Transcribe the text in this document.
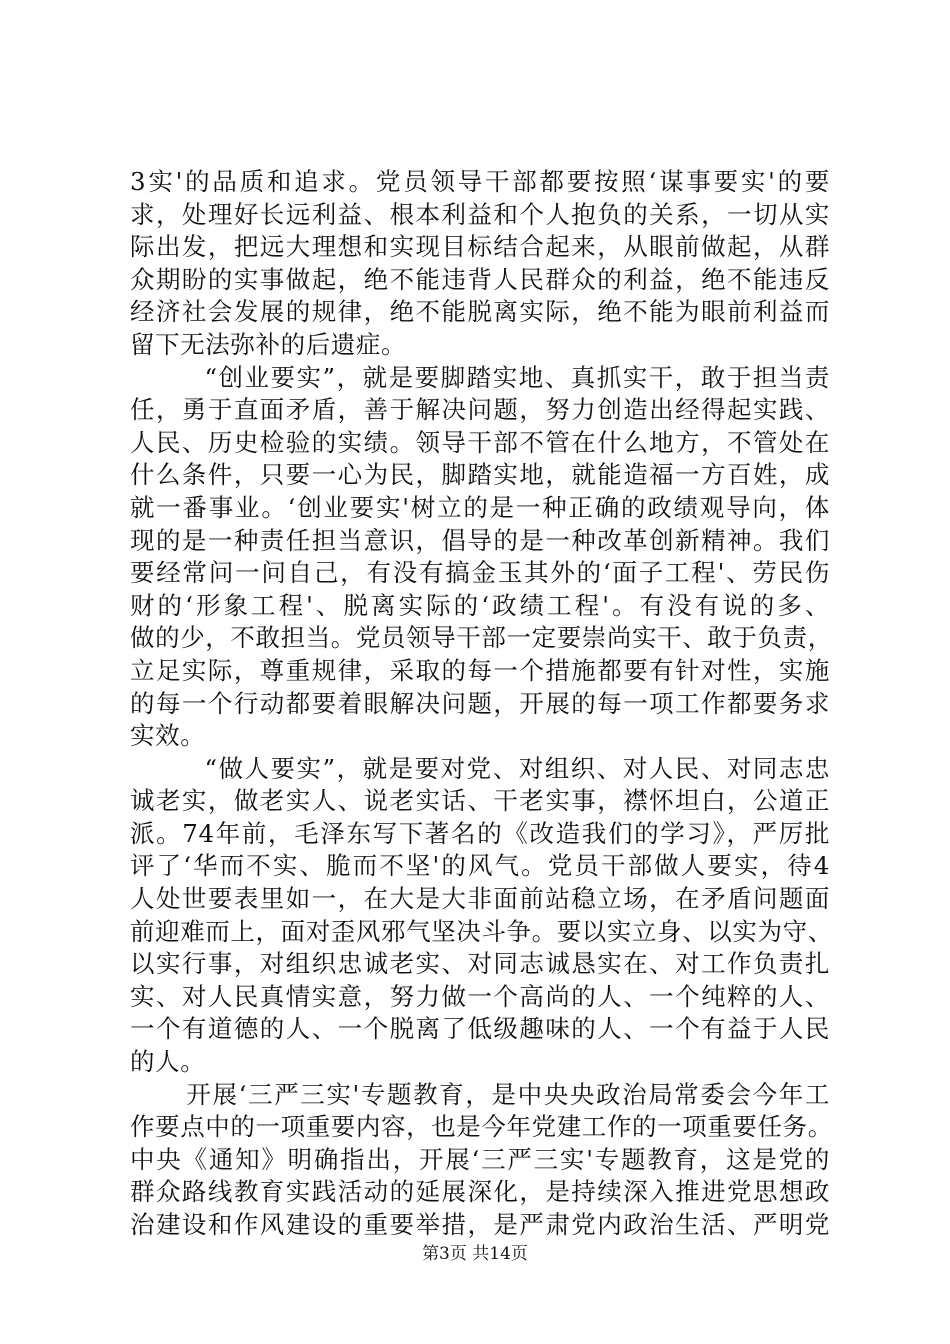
3实'的品质和追求。党员领导干部都要按照‘谋事要实'的要
求，处理好长远利益、根本利益和个人抱负的关系，一切从实
际出发，把远大理想和实现目标结合起来，从眼前做起，从群
众期盼的实事做起，绝不能违背人民群众的利益，绝不能违反
经济社会发展的规律，绝不能脱离实际，绝不能为眼前利益而
留下无法弥补的后遗症。
“创业要实”，就是要脚踏实地、真抓实干，敢于担当责
任，勇于直面矛盾，善于解决问题，努力创造出经得起实践、
人民、历史检验的实绩。领导干部不管在什么地方，不管处在
什么条件，只要一心为民，脚踏实地，就能造福一方百姓，成
就一番事业。‘创业要实'树立的是一种正确的政绩观导向，体
现的是一种责任担当意识，倡导的是一种改革创新精神。我们
要经常问一问自己，有没有搞金玉其外的‘面子工程'、劳民伤
财的‘形象工程'、脱离实际的‘政绩工程'。有没有说的多、
做的少，不敢担当。党员领导干部一定要崇尚实干、敢于负责，
立足实际，尊重规律，采取的每一个措施都要有针对性，实施
的每一个行动都要着眼解决问题，开展的每一项工作都要务求
实效。
“做人要实”，就是要对党、对组织、对人民、对同志忠
诚老实，做老实人、说老实话、干老实事，襟怀坦白，公道正
派。74年前，毛泽东写下著名的《改造我们的学习》，严厉批
评了‘华而不实、脆而不坚'的风气。党员干部做人要实，待4
人处世要表里如一，在大是大非面前站稳立场，在矛盾问题面
前迎难而上，面对歪风邪气坚决斗争。要以实立身、以实为守、
以实行事，对组织忠诚老实、对同志诚恳实在、对工作负责扎
实、对人民真情实意，努力做一个高尚的人、一个纯粹的人、
一个有道德的人、一个脱离了低级趣味的人、一个有益于人民
的人。
开展‘三严三实'专题教育，是中央央政治局常委会今年工
作要点中的一项重要内容，也是今年党建工作的一项重要任务。
中央《通知》明确指出，开展‘三严三实'专题教育，这是党的
群众路线教育实践活动的延展深化，是持续深入推进党思想政
治建设和作风建设的重要举措，是严肃党内政治生活、严明党
第3页 共14页
